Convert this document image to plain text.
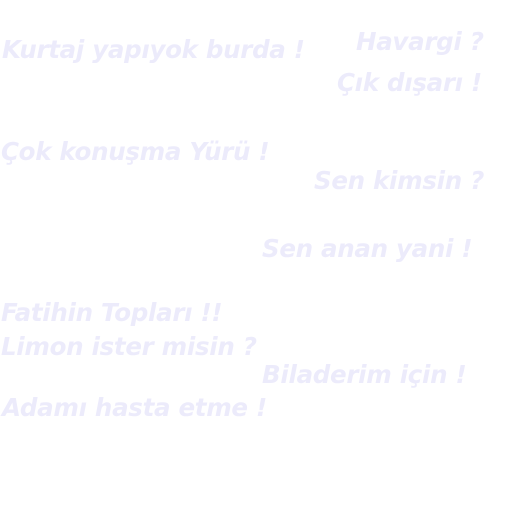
Kurtaj yapıyok burda ! Havargi ?

Çık dışarı !

Çok konuşma Yürü !

Sen kimsin ?

Sen anan yani !

Fatihin Topları !!

Limon ister misin ?

Biladerim için !

Adamı hasta etme !
